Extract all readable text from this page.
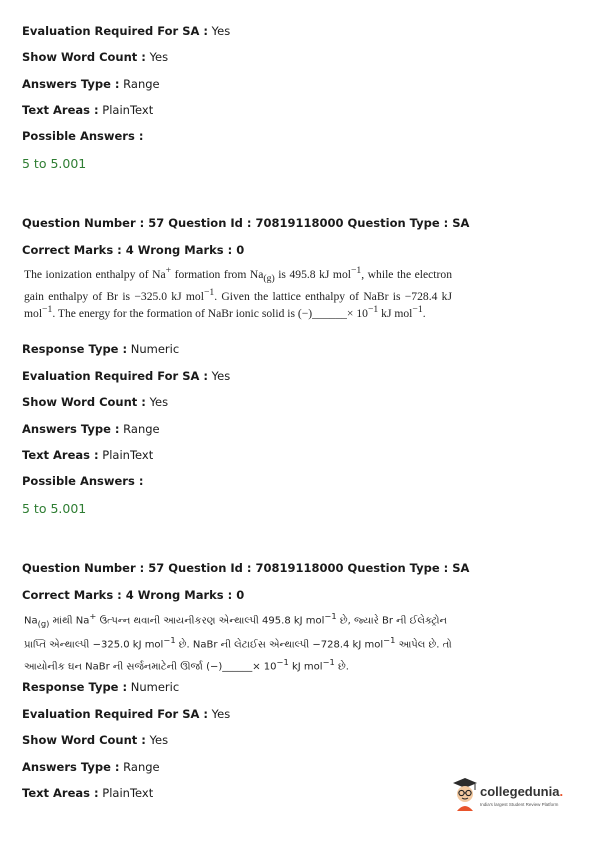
Evaluation Required For SA : Yes
Show Word Count : Yes
Answers Type : Range
Text Areas : PlainText
Possible Answers :
5 to 5.001
Question Number : 57 Question Id : 70819118000 Question Type : SA
Correct Marks : 4 Wrong Marks : 0
The ionization enthalpy of Na+ formation from $Na_{(g)}$ is 495.8 kJ mol$^{-1}$, while the electron gain enthalpy of Br is −325.0 kJ mol$^{-1}$. Given the lattice enthalpy of NaBr is −728.4 kJ mol$^{-1}$. The energy for the formation of NaBr ionic solid is (−)______× $10^{-1}$ kJ mol$^{-1}$.
Response Type : Numeric
Evaluation Required For SA : Yes
Show Word Count : Yes
Answers Type : Range
Text Areas : PlainText
Possible Answers :
5 to 5.001
Question Number : 57 Question Id : 70819118000 Question Type : SA
Correct Marks : 4 Wrong Marks : 0
$Na_{(g)}$ માંથી Na+ ઉત્પન્ન થવાની આયનીકરણ એન્થાલ્પી 495.8 kJ mol$^{-1}$ છે, જ્યારે Br ની ઈલેક્ટ્રોન પ્રાપ્તિ એન્થાલ્પી −325.0 kJ mol$^{-1}$ છે. NaBr ની લેટાઈસ એન્થાલ્પી −728.4 kJ mol$^{-1}$ આપેલ છે. તો આયોનીક ઘન NaBr ની સર્જનમાટેની ઊર્જા (−)______× $10^{-1}$ kJ mol$^{-1}$ છે.
Response Type : Numeric
Evaluation Required For SA : Yes
Show Word Count : Yes
Answers Type : Range
Text Areas : PlainText	collegedunia.
India's largest Student Review Platform
